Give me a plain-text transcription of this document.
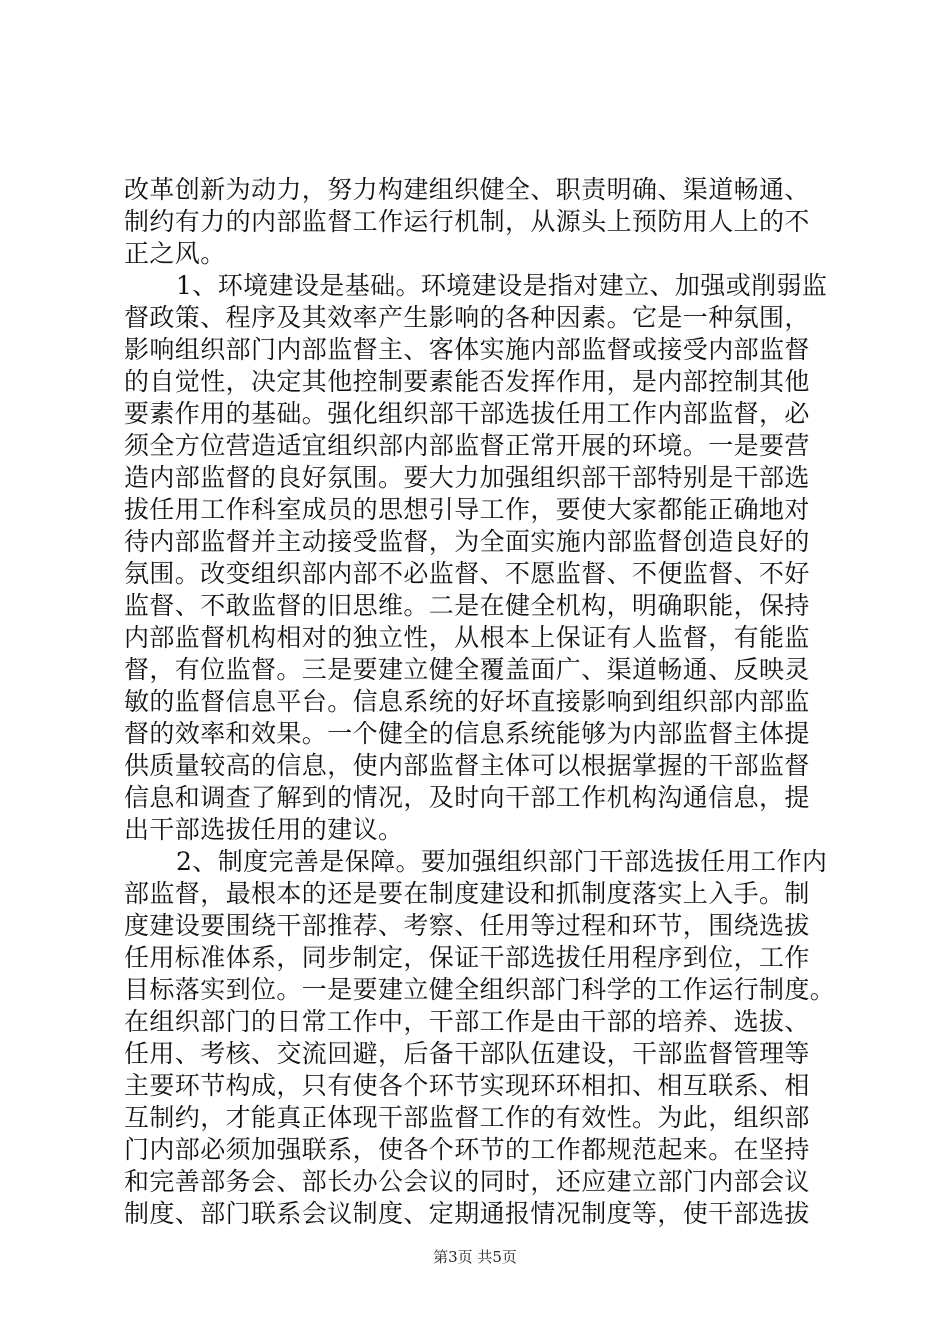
改革创新为动力，努力构建组织健全、职责明确、渠道畅通、
制约有力的内部监督工作运行机制，从源头上预防用人上的不
正之风。
1、环境建设是基础。环境建设是指对建立、加强或削弱监
督政策、程序及其效率产生影响的各种因素。它是一种氛围，
影响组织部门内部监督主、客体实施内部监督或接受内部监督
的自觉性，决定其他控制要素能否发挥作用，是内部控制其他
要素作用的基础。强化组织部干部选拔任用工作内部监督，必
须全方位营造适宜组织部内部监督正常开展的环境。一是要营
造内部监督的良好氛围。要大力加强组织部干部特别是干部选
拔任用工作科室成员的思想引导工作，要使大家都能正确地对
待内部监督并主动接受监督，为全面实施内部监督创造良好的
氛围。改变组织部内部不必监督、不愿监督、不便监督、不好
监督、不敢监督的旧思维。二是在健全机构，明确职能，保持
内部监督机构相对的独立性，从根本上保证有人监督，有能监
督，有位监督。三是要建立健全覆盖面广、渠道畅通、反映灵
敏的监督信息平台。信息系统的好坏直接影响到组织部内部监
督的效率和效果。一个健全的信息系统能够为内部监督主体提
供质量较高的信息，使内部监督主体可以根据掌握的干部监督
信息和调查了解到的情况，及时向干部工作机构沟通信息，提
出干部选拔任用的建议。
2、制度完善是保障。要加强组织部门干部选拔任用工作内
部监督，最根本的还是要在制度建设和抓制度落实上入手。制
度建设要围绕干部推荐、考察、任用等过程和环节，围绕选拔
任用标准体系，同步制定，保证干部选拔任用程序到位，工作
目标落实到位。一是要建立健全组织部门科学的工作运行制度。
在组织部门的日常工作中，干部工作是由干部的培养、选拔、
任用、考核、交流回避，后备干部队伍建设，干部监督管理等
主要环节构成，只有使各个环节实现环环相扣、相互联系、相
互制约，才能真正体现干部监督工作的有效性。为此，组织部
门内部必须加强联系，使各个环节的工作都规范起来。在坚持
和完善部务会、部长办公会议的同时，还应建立部门内部会议
制度、部门联系会议制度、定期通报情况制度等，使干部选拔
第3页 共5页
